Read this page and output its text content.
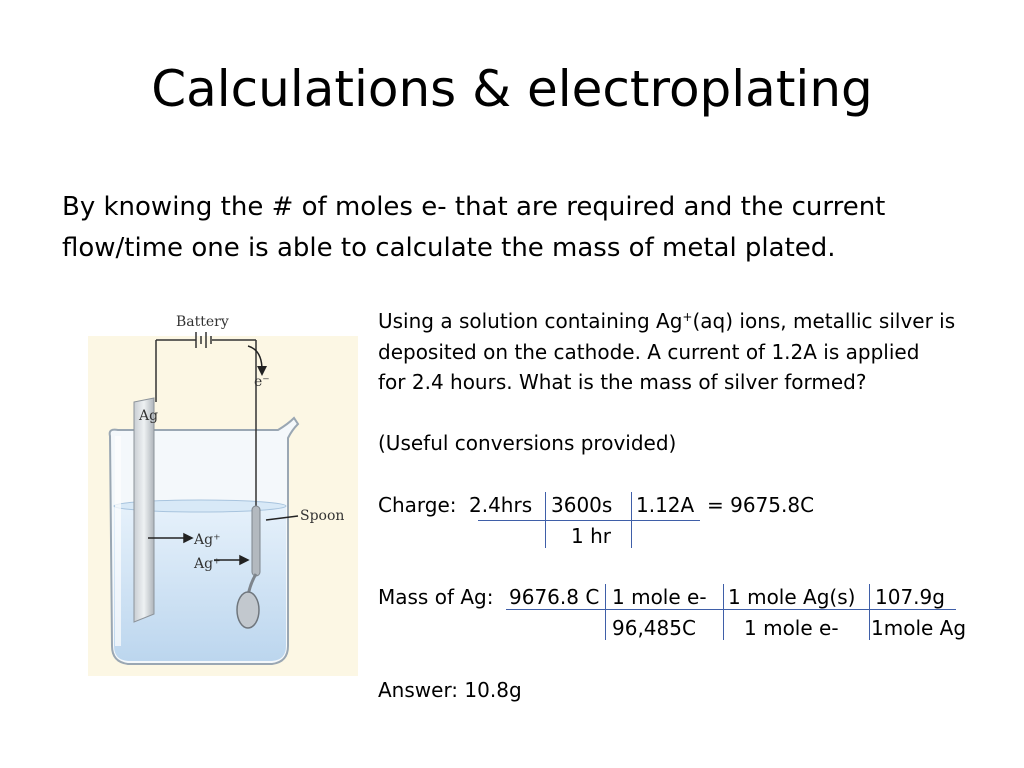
Calculations & electroplating

By knowing the # of moles e- that are required and the current flow/time one is able to calculate the mass of metal plated.

Battery
e⁻
Ag
Ag⁺
Ag⁺
Spoon
Using a solution containing Ag+(aq) ions, metallic silver is
deposited on the cathode. A current of 1.2A is applied
for 2.4 hours. What is the mass of silver formed?
(Useful conversions provided)
Charge: 2.4hrs 3600s 1.12A = 9675.8C
1 hr
Mass of Ag: 9676.8 C 1 mole e- 1 mole Ag(s) 107.9g
96,485C 1 mole e- 1mole Ag
Answer: 10.8g
